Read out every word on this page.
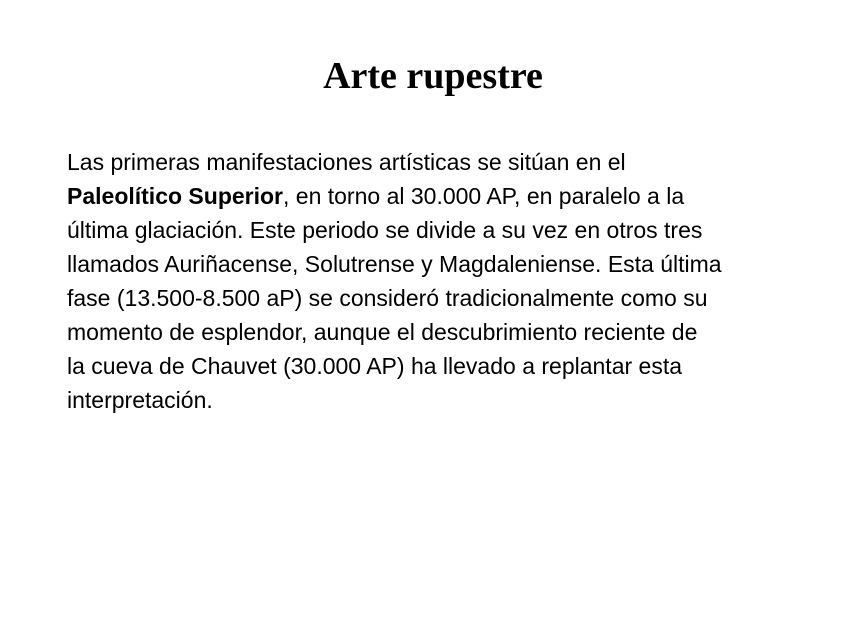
Arte rupestre

Las primeras manifestaciones artísticas se sitúan en el
Paleolítico Superior, en torno al 30.000 AP, en paralelo a la
última glaciación. Este periodo se divide a su vez en otros tres
llamados Auriñacense, Solutrense y Magdaleniense. Esta última
fase (13.500-8.500 aP) se consideró tradicionalmente como su
momento de esplendor, aunque el descubrimiento reciente de
la cueva de Chauvet (30.000 AP) ha llevado a replantar esta
interpretación.
